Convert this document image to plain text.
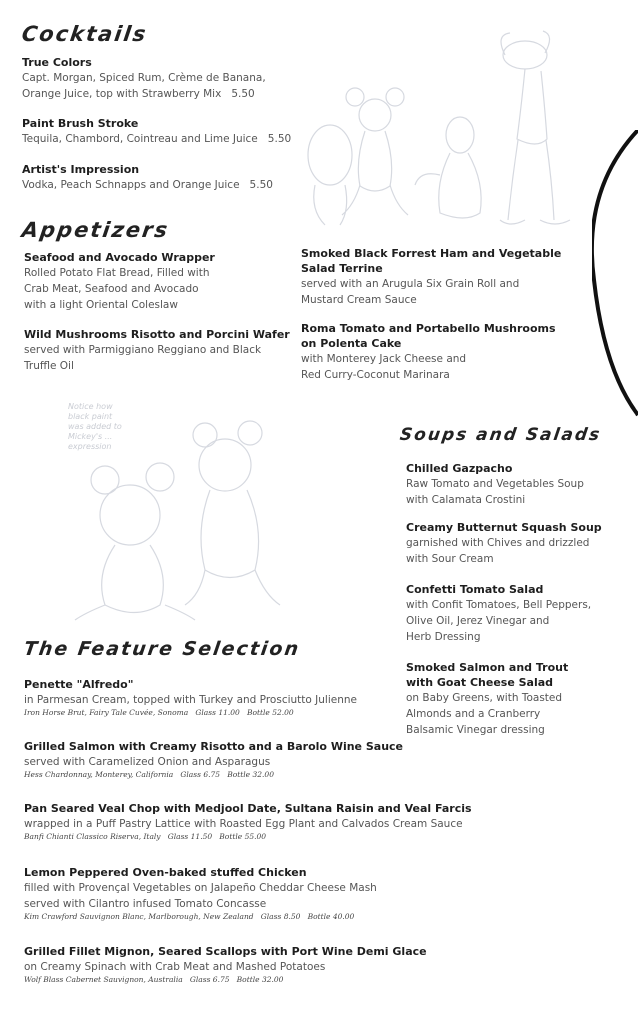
Notice how
black paint
was added to
Mickey's ...
expression
Cocktails
True Colors
Capt. Morgan, Spiced Rum, Crème de Banana,
Orange Juice, top with Strawberry Mix 5.50
Paint Brush Stroke
Tequila, Chambord, Cointreau and Lime Juice 5.50
Artist's Impression
Vodka, Peach Schnapps and Orange Juice 5.50
Appetizers
Seafood and Avocado Wrapper
Rolled Potato Flat Bread, Filled with
Crab Meat, Seafood and Avocado
with a light Oriental Coleslaw
Wild Mushrooms Risotto and Porcini Wafer
served with Parmiggiano Reggiano and Black
Truffle Oil
Smoked Black Forrest Ham and Vegetable
Salad Terrine
served with an Arugula Six Grain Roll and
Mustard Cream Sauce
Roma Tomato and Portabello Mushrooms
on Polenta Cake
with Monterey Jack Cheese and
Red Curry-Coconut Marinara
Soups and Salads
Chilled Gazpacho
Raw Tomato and Vegetables Soup
with Calamata Crostini
Creamy Butternut Squash Soup
garnished with Chives and drizzled
with Sour Cream
Confetti Tomato Salad
with Confit Tomatoes, Bell Peppers,
Olive Oil, Jerez Vinegar and
Herb Dressing
Smoked Salmon and Trout
with Goat Cheese Salad
on Baby Greens, with Toasted
Almonds and a Cranberry
Balsamic Vinegar dressing
The Feature Selection
Penette "Alfredo"
in Parmesan Cream, topped with Turkey and Prosciutto Julienne
Iron Horse Brut, Fairy Tale Cuvée, Sonoma Glass 11.00 Bottle 52.00
Grilled Salmon with Creamy Risotto and a Barolo Wine Sauce
served with Caramelized Onion and Asparagus
Hess Chardonnay, Monterey, California Glass 6.75 Bottle 32.00
Pan Seared Veal Chop with Medjool Date, Sultana Raisin and Veal Farcis
wrapped in a Puff Pastry Lattice with Roasted Egg Plant and Calvados Cream Sauce
Banfi Chianti Classico Riserva, Italy Glass 11.50 Bottle 55.00
Lemon Peppered Oven-baked stuffed Chicken
filled with Provençal Vegetables on Jalapeño Cheddar Cheese Mash
served with Cilantro infused Tomato Concasse
Kim Crawford Sauvignon Blanc, Marlborough, New Zealand Glass 8.50 Bottle 40.00
Grilled Fillet Mignon, Seared Scallops with Port Wine Demi Glace
on Creamy Spinach with Crab Meat and Mashed Potatoes
Wolf Blass Cabernet Sauvignon, Australia Glass 6.75 Bottle 32.00
